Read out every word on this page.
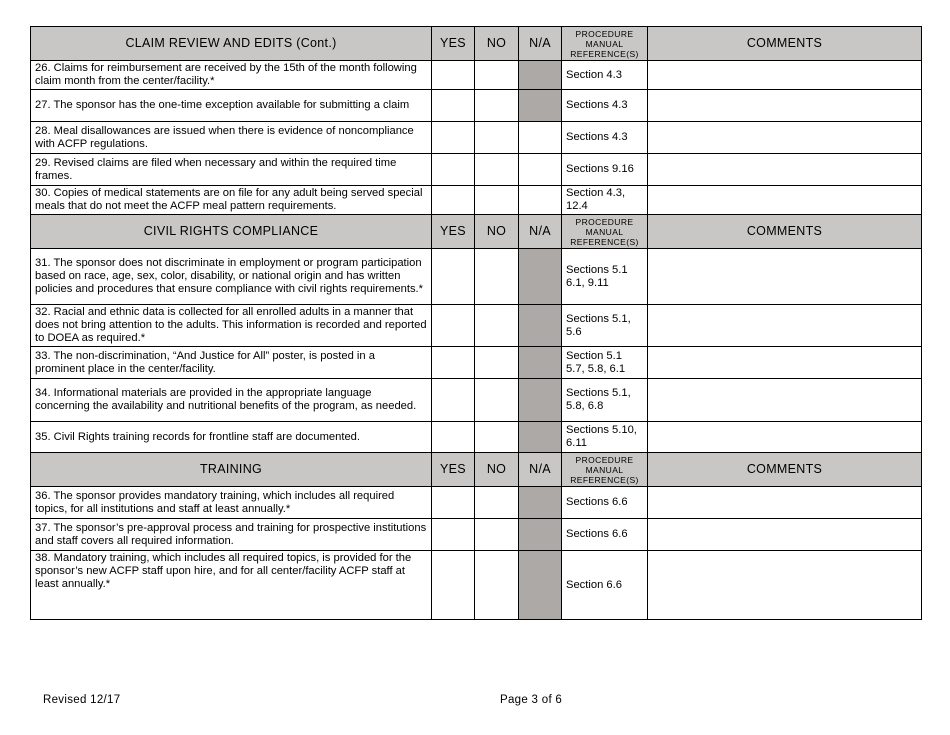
CLAIM REVIEW AND EDITS (Cont.)	YES	NO	N/A	PROCEDURE MANUAL REFERENCE(S)	COMMENTS
26. Claims for reimbursement are received by the 15th of the month following claim month from the center/facility.*				Section 4.3	
27. The sponsor has the one-time exception available for submitting a claim				Sections 4.3	
28. Meal disallowances are issued when there is evidence of noncompliance with ACFP regulations.				Sections 4.3	
29. Revised claims are filed when necessary and within the required time frames.				Sections 9.16	
30. Copies of medical statements are on file for any adult being served special meals that do not meet the ACFP meal pattern requirements.				Section 4.3, 12.4	
CIVIL RIGHTS COMPLIANCE	YES	NO	N/A	PROCEDURE MANUAL REFERENCE(S)	COMMENTS
31. The sponsor does not discriminate in employment or program participation based on race, age, sex, color, disability, or national origin and has written policies and procedures that ensure compliance with civil rights requirements.*				Sections 5.1 6.1, 9.11	
32. Racial and ethnic data is collected for all enrolled adults in a manner that does not bring attention to the adults. This information is recorded and reported to DOEA as required.*				Sections 5.1, 5.6	
33. The non-discrimination, “And Justice for All” poster, is posted in a prominent place in the center/facility.				Section 5.1 5.7, 5.8, 6.1	
34. Informational materials are provided in the appropriate language concerning the availability and nutritional benefits of the program, as needed.				Sections 5.1, 5.8, 6.8	
35. Civil Rights training records for frontline staff are documented.				Sections 5.10, 6.11	
TRAINING	YES	NO	N/A	PROCEDURE MANUAL REFERENCE(S)	COMMENTS
36. The sponsor provides mandatory training, which includes all required topics, for all institutions and staff at least annually.*				Sections 6.6	
37. The sponsor’s pre-approval process and training for prospective institutions and staff covers all required information.				Sections 6.6	
38. Mandatory training, which includes all required topics, is provided for the sponsor’s new ACFP staff upon hire, and for all center/facility ACFP staff at least annually.*				Section 6.6	
Revised 12/17	Page 3 of 6
